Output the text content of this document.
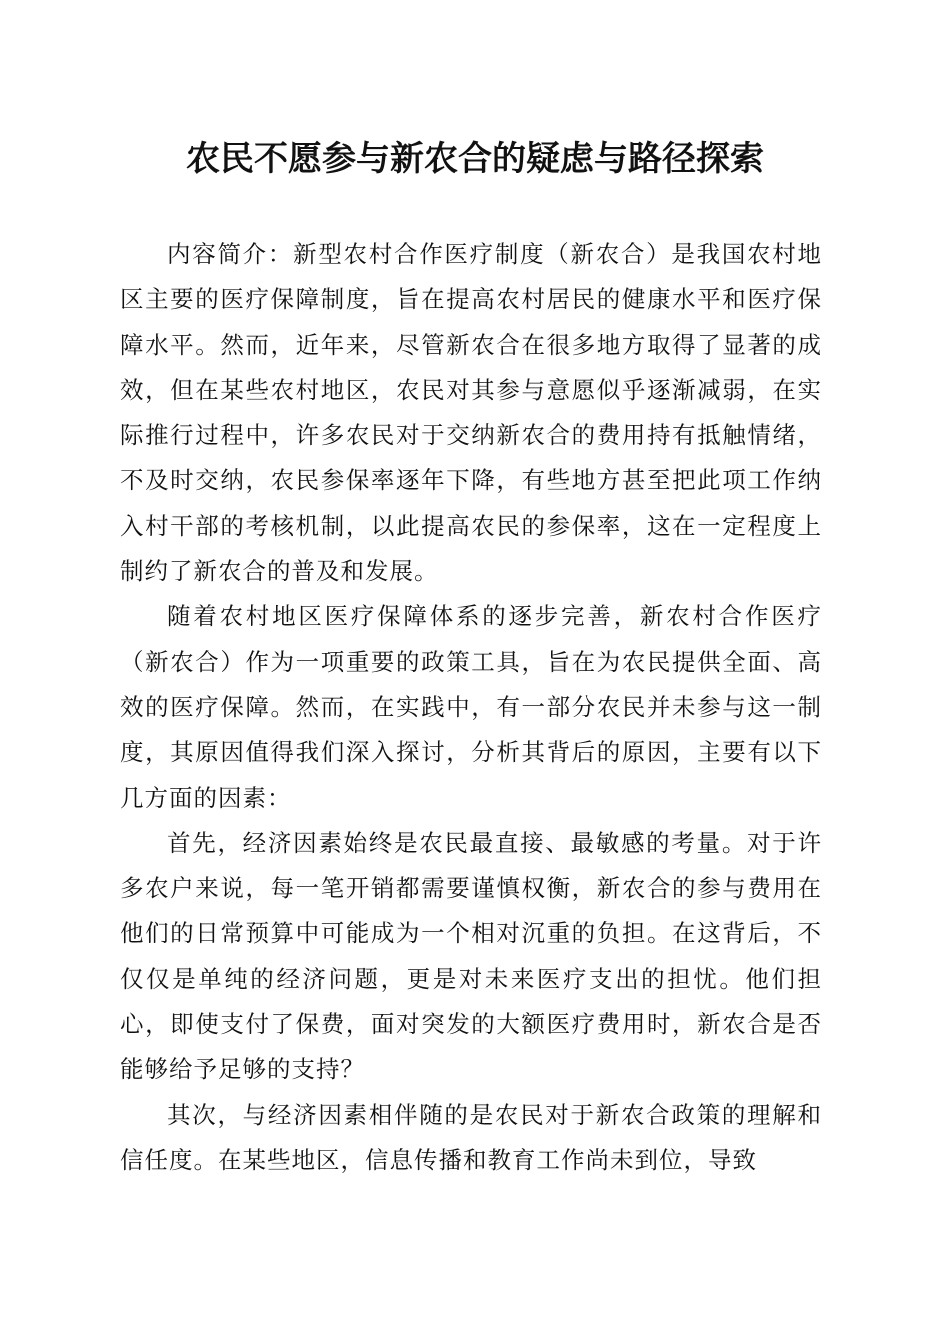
农民不愿参与新农合的疑虑与路径探索

内容简介：新型农村合作医疗制度（新农合）是我国农村地区主要的医疗保障制度，旨在提高农村居民的健康水平和医疗保障水平。然而，近年来，尽管新农合在很多地方取得了显著的成效，但在某些农村地区，农民对其参与意愿似乎逐渐减弱，在实际推行过程中，许多农民对于交纳新农合的费用持有抵触情绪，不及时交纳，农民参保率逐年下降，有些地方甚至把此项工作纳入村干部的考核机制，以此提高农民的参保率，这在一定程度上制约了新农合的普及和发展。

随着农村地区医疗保障体系的逐步完善，新农村合作医疗（新农合）作为一项重要的政策工具，旨在为农民提供全面、高效的医疗保障。然而，在实践中，有一部分农民并未参与这一制度，其原因值得我们深入探讨，分析其背后的原因，主要有以下几方面的因素：

首先，经济因素始终是农民最直接、最敏感的考量。对于许多农户来说，每一笔开销都需要谨慎权衡，新农合的参与费用在他们的日常预算中可能成为一个相对沉重的负担。在这背后，不仅仅是单纯的经济问题，更是对未来医疗支出的担忧。他们担心，即使支付了保费，面对突发的大额医疗费用时，新农合是否能够给予足够的支持？

其次，与经济因素相伴随的是农民对于新农合政策的理解和信任度。在某些地区，信息传播和教育工作尚未到位，导致
